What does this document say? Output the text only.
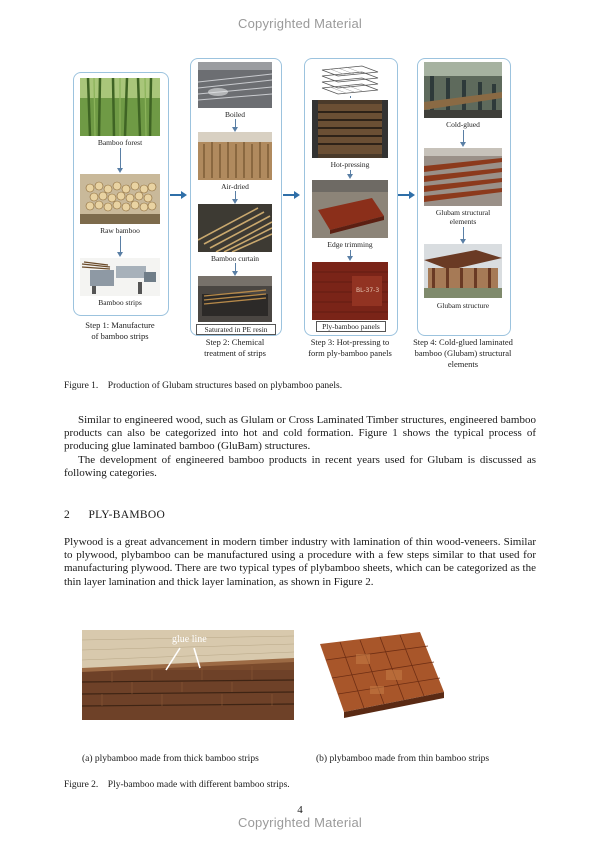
Copyrighted Material
Bamboo forest
Raw bamboo
Bamboo strips
Step 1: Manufacture
of bamboo strips
Boiled
Air-dried
Bamboo curtain
Saturated in PE resin
Step 2: Chemical
treatment of strips
Hot-pressing
Edge trimming
BL-37-3
Ply-bamboo panels
Step 3: Hot-pressing to
form ply-bamboo panels
Cold-glued
Glubam structural
elements
Glubam structure
Step 4: Cold-glued laminated
bamboo (Glubam) structural
elements
Figure 1.    Production of Glubam structures based on plybamboo panels.
Similar to engineered wood, such as Glulam or Cross Laminated Timber structures, engineered bamboo products can also be categorized into hot and cold formation. Figure 1 shows the typical process of producing glue laminated bamboo (GluBam) structures.
The development of engineered bamboo products in recent years used for Glubam is discussed as following categories.
2 PLY-BAMBOO
Plywood is a great advancement in modern timber industry with lamination of thin wood-veneers. Similar to plywood, plybamboo can be manufactured using a procedure with a few steps similar to that used for manufacturing plywood. There are two typical types of plybamboo sheets, which can be categorized as the thin layer lamination and thick layer lamination, as shown in Figure 2.
glue line
(a) plybamboo made from thick bamboo strips	(b) plybamboo made from thin bamboo strips
Figure 2.    Ply-bamboo made with different bamboo strips.
4
Copyrighted Material
